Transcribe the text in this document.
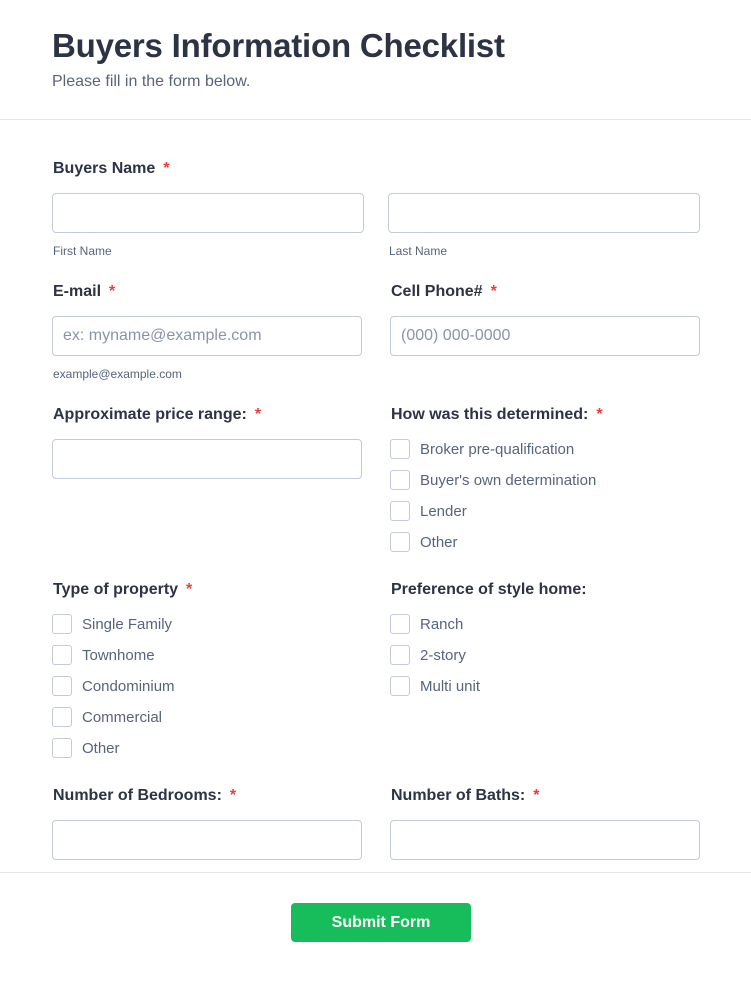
Buyers Information Checklist
Please fill in the form below.
Buyers Name *
First Name	Last Name
E-mail *
ex: myname@example.com
example@example.com
Cell Phone# *
(000) 000-0000
Approximate price range: *	How was this determined: *
Broker pre-qualification
Buyer's own determination
Lender
Other
Type of property *
Single Family
Townhome
Condominium
Commercial
Other
Preference of style home:
Ranch
2-story
Multi unit
Number of Bedrooms: *	Number of Baths: *
Submit Form
